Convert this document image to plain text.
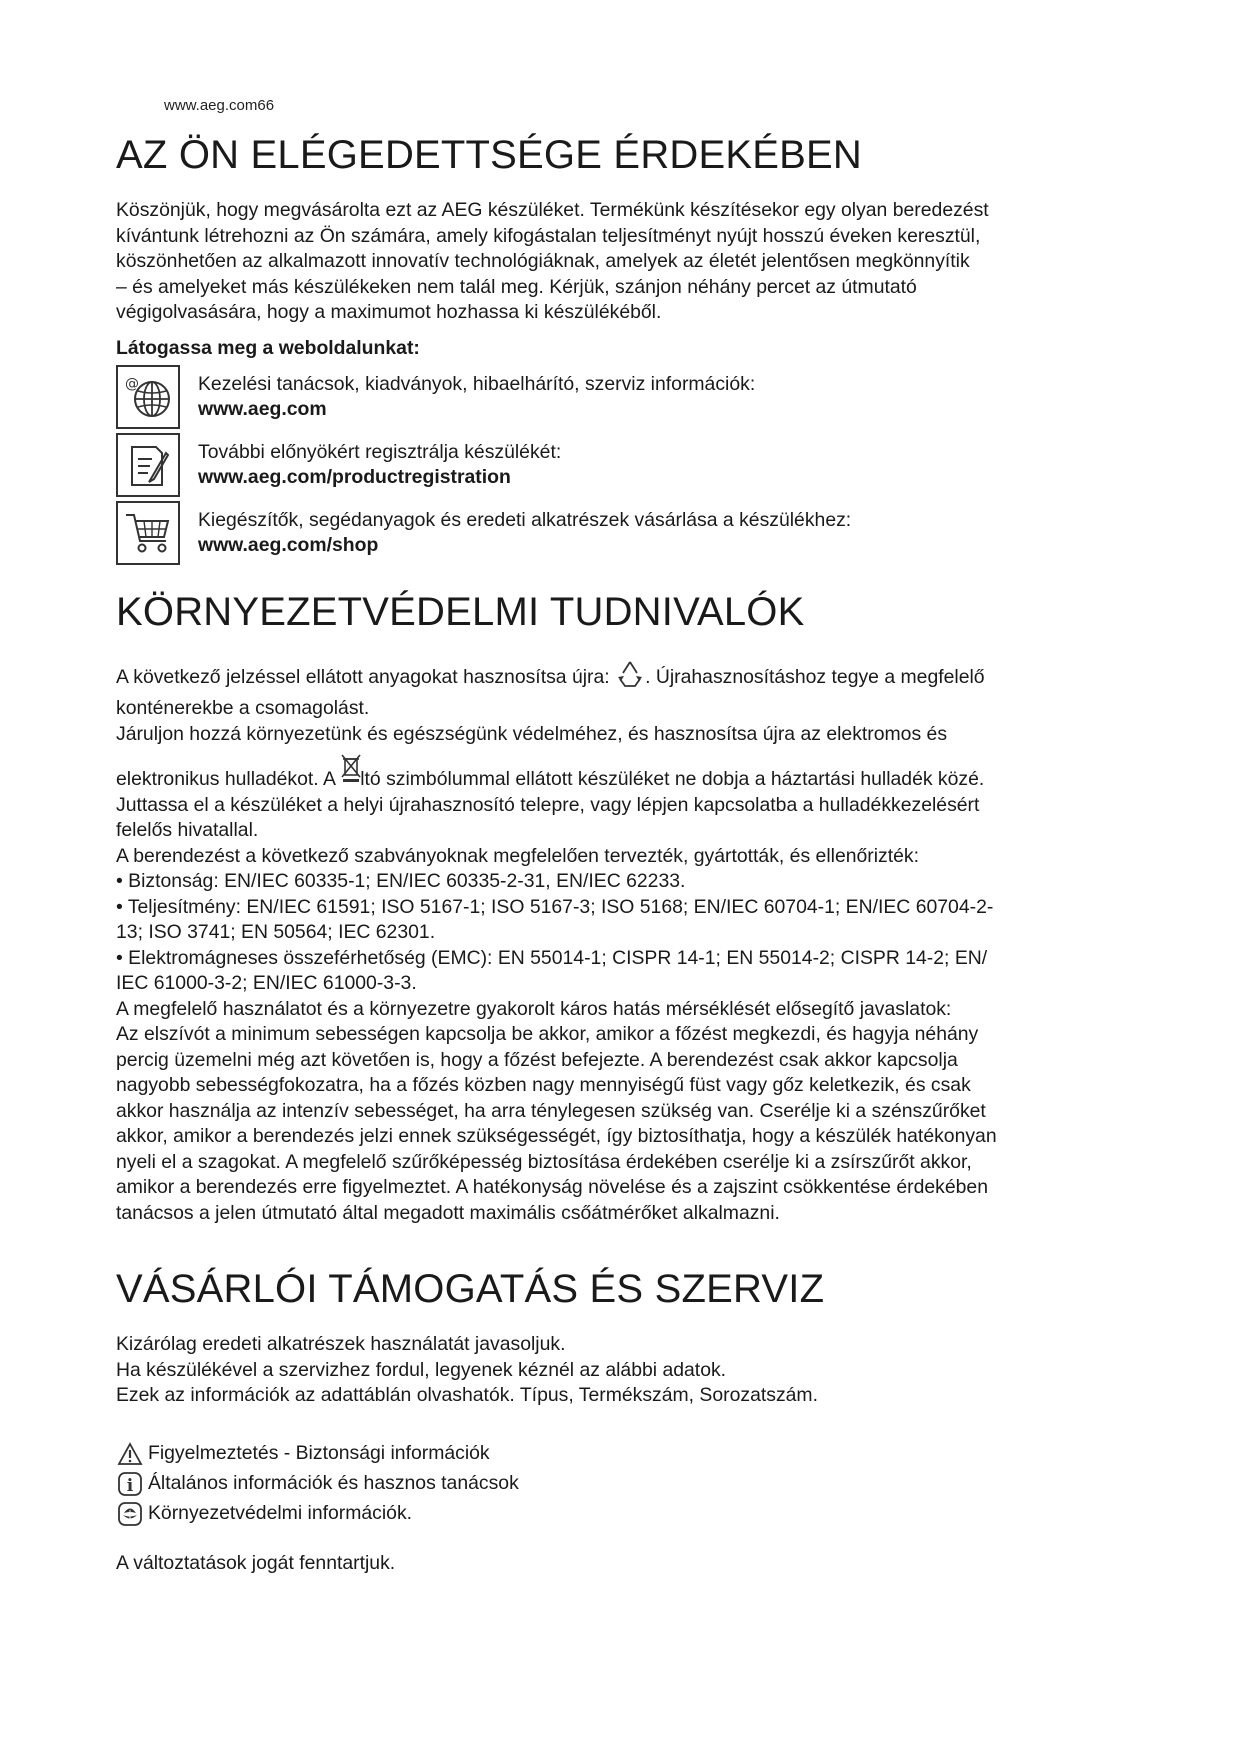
www.aeg.com66
AZ ÖN ELÉGEDETTSÉGE ÉRDEKÉBEN

Köszönjük, hogy megvásárolta ezt az AEG készüléket. Termékünk készítésekor egy olyan beredezést

kívántunk létrehozni az Ön számára, amely kifogástalan teljesítményt nyújt hosszú éveken keresztül,

köszönhetően az alkalmazott innovatív technológiáknak, amelyek az életét jelentősen megkönnyítik

– és amelyeket más készülékeken nem talál meg. Kérjük, szánjon néhány percet az útmutató

végigolvasására, hogy a maximumot hozhassa ki készülékéből.

Látogassa meg a weboldalunkat:
@	Kezelési tanácsok, kiadványok, hibaelhárító, szerviz információk:
www.aeg.com
További előnyökért regisztrálja készülékét:
www.aeg.com/productregistration
Kiegészítők, segédanyagok és eredeti alkatrészek vásárlása a készülékhez:
www.aeg.com/shop
KÖRNYEZETVÉDELMI TUDNIVALÓK

A következő jelzéssel ellátott anyagokat hasznosítsa újra: . Újrahasznosításhoz tegye a megfelelő

konténerekbe a csomagolást.

Járuljon hozzá környezetünk és egészségünk védelméhez, és hasznosítsa újra az elektromos és

elektronikus hulladékot. A ltó szimbólummal ellátott készüléket ne dobja a háztartási hulladék közé.

Juttassa el a készüléket a helyi újrahasznosító telepre, vagy lépjen kapcsolatba a hulladékkezelésért

felelős hivatallal.

A berendezést a következő szabványoknak megfelelően tervezték, gyártották, és ellenőrizték:

• Biztonság: EN/IEC 60335-1; EN/IEC 60335-2-31, EN/IEC 62233.

• Teljesítmény: EN/IEC 61591; ISO 5167-1; ISO 5167-3; ISO 5168; EN/IEC 60704-1; EN/IEC 60704-2-

13; ISO 3741; EN 50564; IEC 62301.

• Elektromágneses összeférhetőség (EMC): EN 55014-1; CISPR 14-1; EN 55014-2; CISPR 14-2; EN/

IEC 61000-3-2; EN/IEC 61000-3-3.

A megfelelő használatot és a környezetre gyakorolt káros hatás mérséklését elősegítő javaslatok:

Az elszívót a minimum sebességen kapcsolja be akkor, amikor a főzést megkezdi, és hagyja néhány

percig üzemelni még azt követően is, hogy a főzést befejezte. A berendezést csak akkor kapcsolja

nagyobb sebességfokozatra, ha a főzés közben nagy mennyiségű füst vagy gőz keletkezik, és csak

akkor használja az intenzív sebességet, ha arra ténylegesen szükség van. Cserélje ki a szénszűrőket

akkor, amikor a berendezés jelzi ennek szükségességét, így biztosíthatja, hogy a készülék hatékonyan

nyeli el a szagokat. A megfelelő szűrőképesség biztosítása érdekében cserélje ki a zsírszűrőt akkor,

amikor a berendezés erre figyelmeztet. A hatékonyság növelése és a zajszint csökkentése érdekében

tanácsos a jelen útmutató által megadott maximális csőátmérőket alkalmazni.

VÁSÁRLÓI TÁMOGATÁS ÉS SZERVIZ

Kizárólag eredeti alkatrészek használatát javasoljuk.

Ha készülékével a szervizhez fordul, legyenek kéznél az alábbi adatok.

Ezek az információk az adattáblán olvashatók. Típus, Termékszám, Sorozatszám.

Figyelmeztetés - Biztonsági információk
i Általános információk és hasznos tanácsok
Környezetvédelmi információk.

A változtatások jogát fenntartjuk.
